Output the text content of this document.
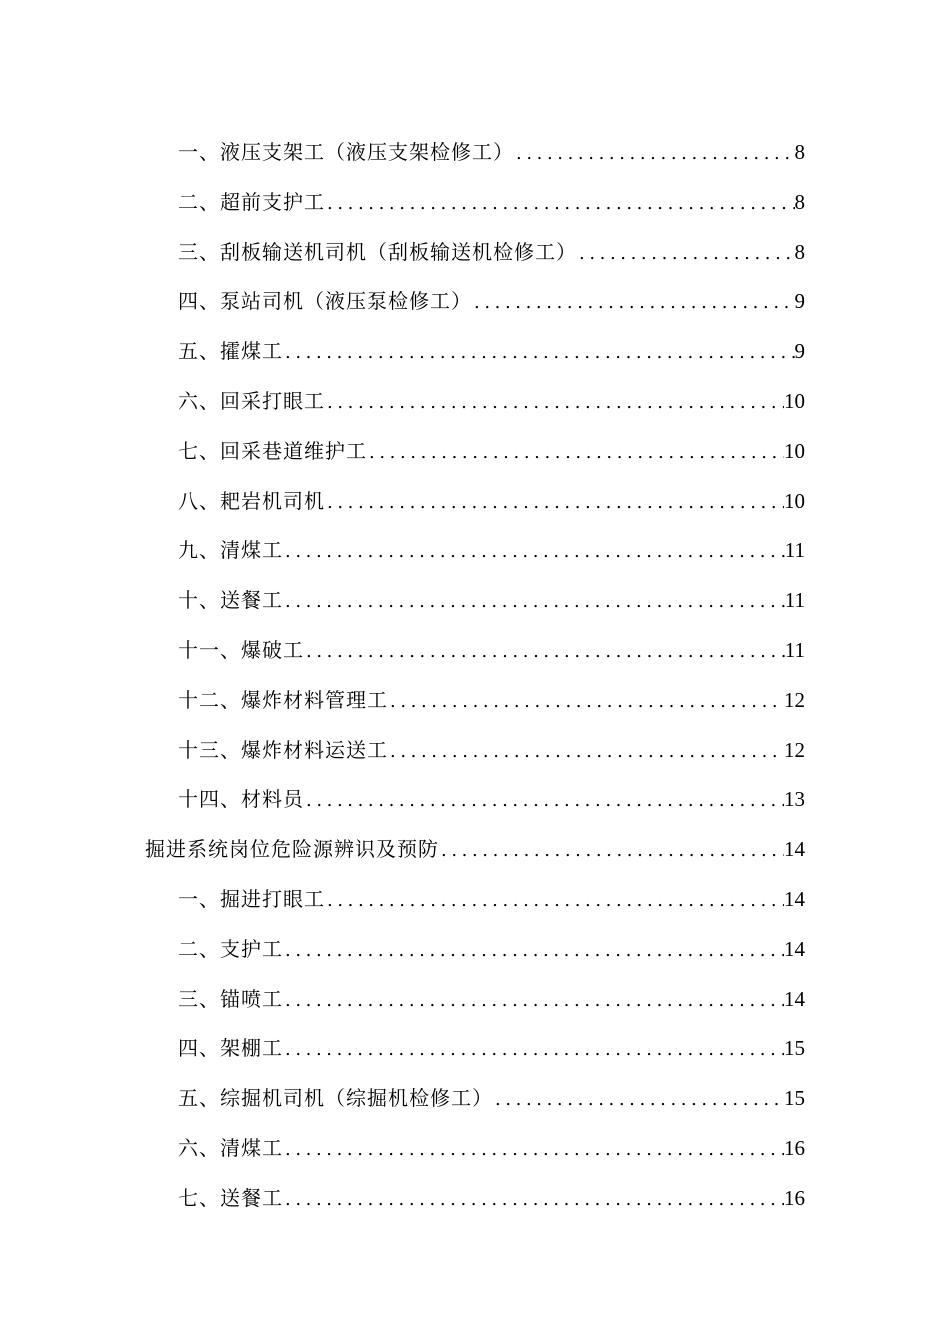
一、液压支架工（液压支架检修工） .....	8
二、超前支护工 .....	8
三、刮板输送机司机（刮板输送机检修工） .....	8
四、泵站司机（液压泵检修工） .....	9
五、攉煤工 .....	9
六、回采打眼工 .....	10
七、回采巷道维护工 .....	10
八、耙岩机司机 .....	10
九、清煤工 .....	11
十、送餐工 .....	11
十一、爆破工 .....	11
十二、爆炸材料管理工 .....	12
十三、爆炸材料运送工 .....	12
十四、材料员 .....	13
掘进系统岗位危险源辨识及预防 .....	14
一、掘进打眼工 .....	14
二、支护工 .....	14
三、锚喷工 .....	14
四、架棚工 .....	15
五、综掘机司机（综掘机检修工） .....	15
六、清煤工 .....	16
七、送餐工 .....	16
